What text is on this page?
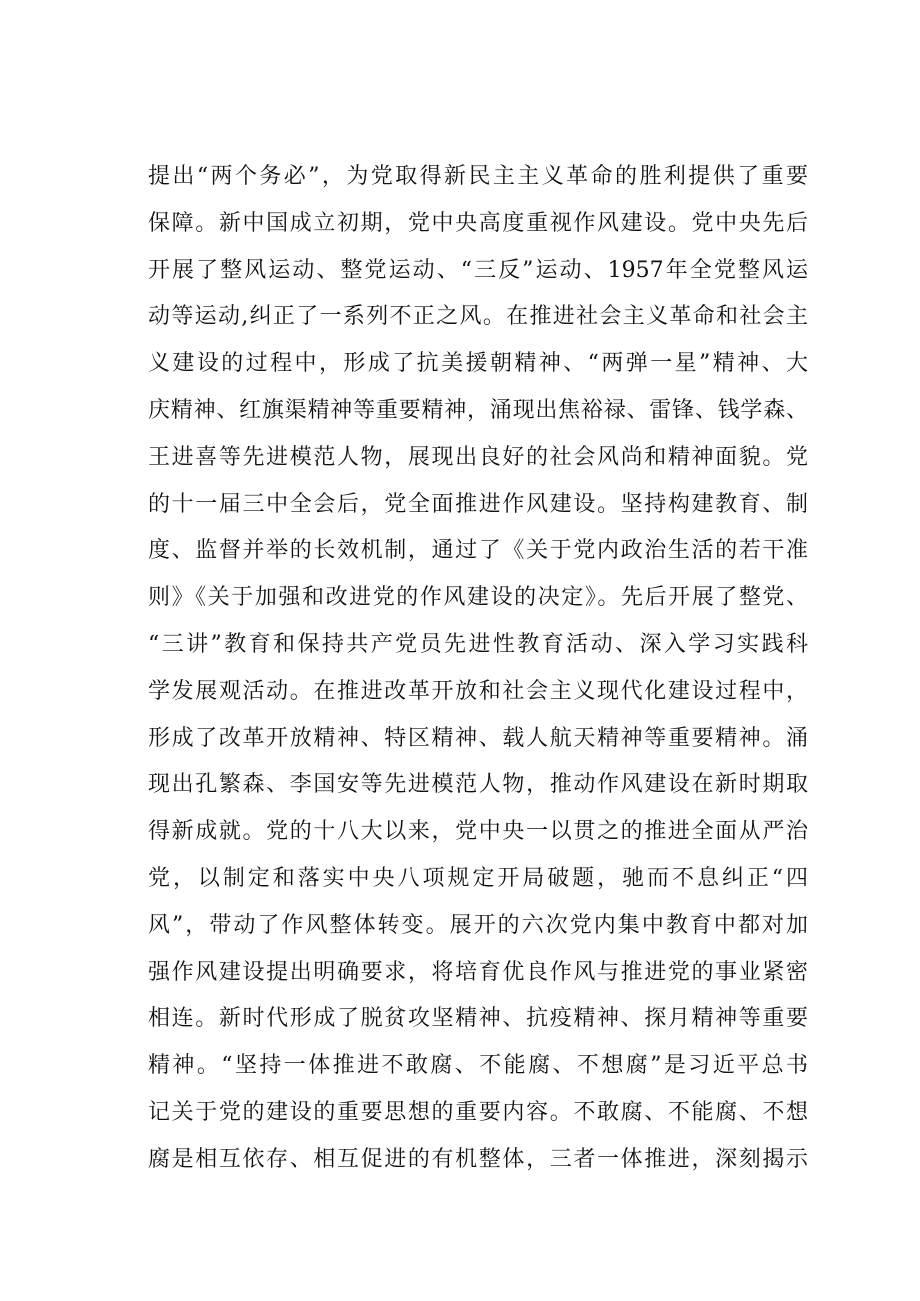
提出“两个务必”，为党取得新民主主义革命的胜利提供了重要
保障。新中国成立初期，党中央高度重视作风建设。党中央先后
开展了整风运动、整党运动、“三反”运动、1957年全党整风运
动等运动,纠正了一系列不正之风。在推进社会主义革命和社会主
义建设的过程中，形成了抗美援朝精神、“两弹一星”精神、大
庆精神、红旗渠精神等重要精神，涌现出焦裕禄、雷锋、钱学森、
王进喜等先进模范人物，展现出良好的社会风尚和精神面貌。党
的十一届三中全会后，党全面推进作风建设。坚持构建教育、制
度、监督并举的长效机制，通过了《关于党内政治生活的若干准
则》《关于加强和改进党的作风建设的决定》。先后开展了整党、
“三讲”教育和保持共产党员先进性教育活动、深入学习实践科
学发展观活动。在推进改革开放和社会主义现代化建设过程中，
形成了改革开放精神、特区精神、载人航天精神等重要精神。涌
现出孔繁森、李国安等先进模范人物，推动作风建设在新时期取
得新成就。党的十八大以来，党中央一以贯之的推进全面从严治
党，以制定和落实中央八项规定开局破题，驰而不息纠正“四
风”，带动了作风整体转变。展开的六次党内集中教育中都对加
强作风建设提出明确要求，将培育优良作风与推进党的事业紧密
相连。新时代形成了脱贫攻坚精神、抗疫精神、探月精神等重要
精神。“坚持一体推进不敢腐、不能腐、不想腐”是习近平总书
记关于党的建设的重要思想的重要内容。不敢腐、不能腐、不想
腐是相互依存、相互促进的有机整体，三者一体推进，深刻揭示
